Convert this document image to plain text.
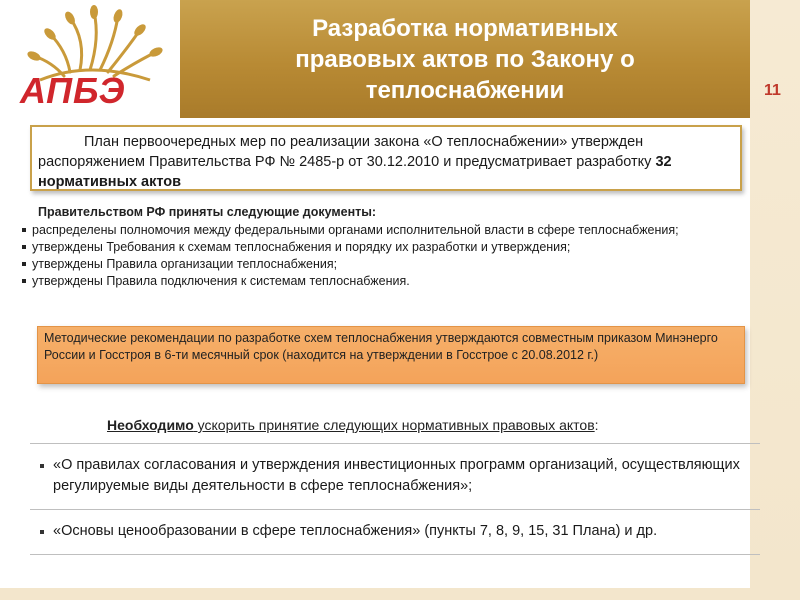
АПБЭ
Разработка нормативных правовых актов по Закону о теплоснабжении	11
План первоочередных мер по реализации закона «О теплоснабжении» утвержден распоряжением Правительства РФ № 2485-р от 30.12.2010 и предусматривает разработку 32 нормативных актов
Правительством РФ приняты следующие документы:
распределены полномочия между федеральными органами исполнительной власти в сфере теплоснабжения;
утверждены Требования к схемам теплоснабжения и порядку их разработки и утверждения;
утверждены Правила организации теплоснабжения;
утверждены Правила подключения к системам теплоснабжения.
Методические рекомендации по разработке схем теплоснабжения утверждаются совместным приказом Минэнерго России и Госстроя в 6-ти месячный срок (находится на утверждении в Госстрое с 20.08.2012 г.)
Необходимо ускорить принятие следующих нормативных правовых актов:
«О правилах согласования и утверждения инвестиционных программ организаций, осуществляющих регулируемые виды деятельности в сфере теплоснабжения»;
«Основы ценообразовании в сфере теплоснабжения» (пункты 7, 8, 9, 15, 31 Плана) и др.
